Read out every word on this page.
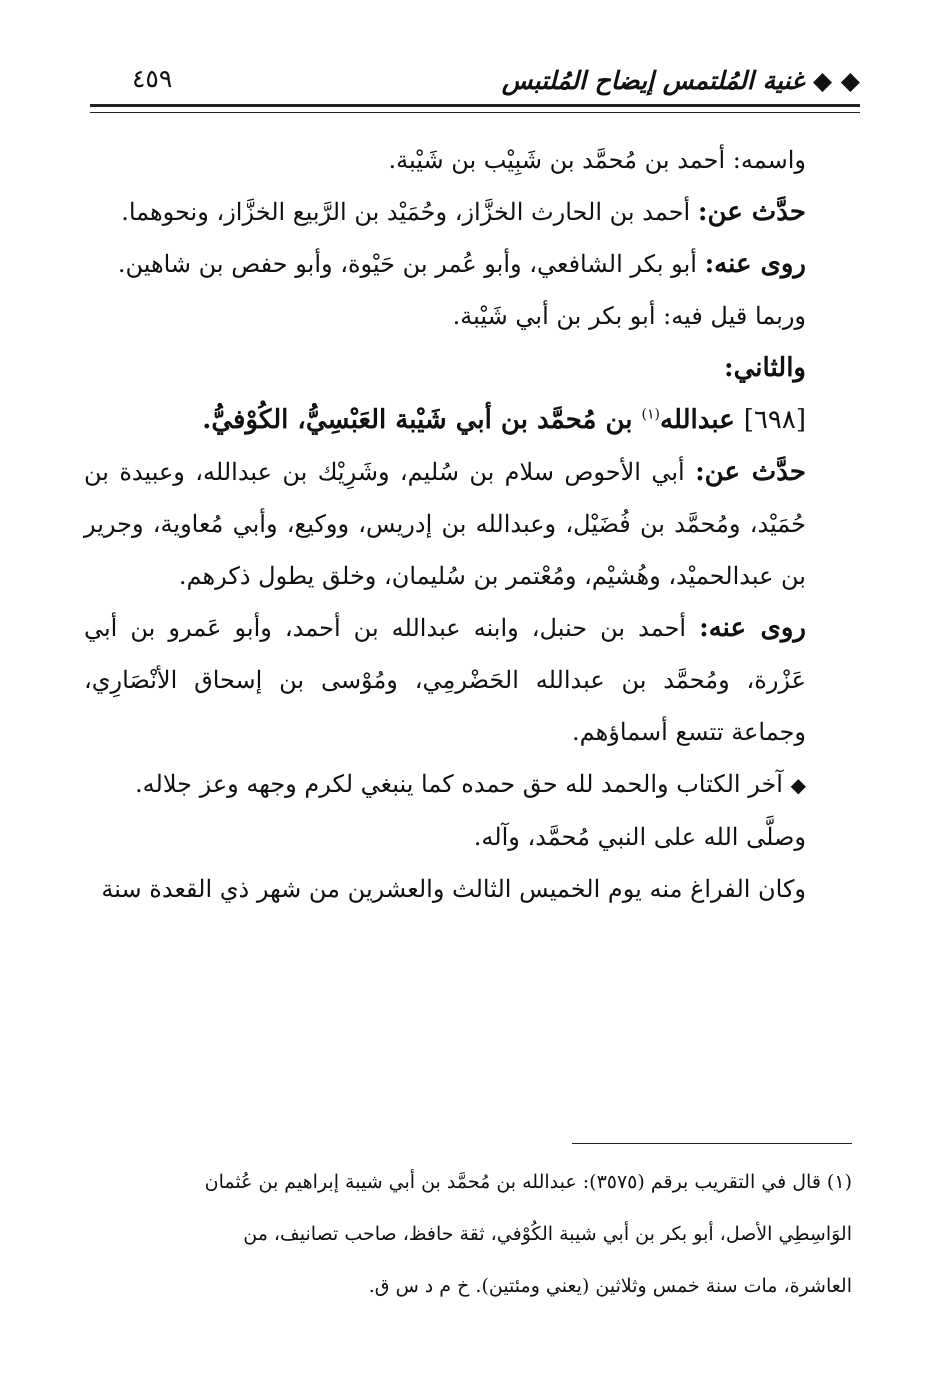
◆ ◆ غنية المُلتمس إيضاح المُلتبس
٤٥٩

واسمه: أحمد بن مُحمَّد بن شَبِيْب بن شَيْبة.

حدَّث عن: أحمد بن الحارث الخزَّاز، وحُمَيْد بن الرَّبيع الخزَّاز، ونحوهما.

روى عنه: أبو بكر الشافعي، وأبو عُمر بن حَيْوة، وأبو حفص بن شاهين.

وربما قيل فيه: أبو بكر بن أبي شَيْبة.

والثاني:

[٦٩٨] عبدالله$^{(١)}$ بن مُحمَّد بن أبي شَيْبة العَبْسِيُّ، الكُوْفيُّ.

حدَّث عن: أبي الأحوص سلام بن سُليم، وشَرِيْك بن عبدالله، وعبيدة بن حُمَيْد، ومُحمَّد بن فُضَيْل، وعبدالله بن إدريس، ووكيع، وأبي مُعاوية، وجرير بن عبدالحميْد، وهُشيْم، ومُعْتمر بن سُليمان، وخلق يطول ذكرهم.

روى عنه: أحمد بن حنبل، وابنه عبدالله بن أحمد، وأبو عَمرو بن أبي عَزْرة، ومُحمَّد بن عبدالله الحَضْرمِي، ومُوْسى بن إسحاق الأنْصَارِي، وجماعة تتسع أسماؤهم.

◆ آخر الكتاب والحمد لله حق حمده كما ينبغي لكرم وجهه وعز جلاله.

وصلَّى الله على النبي مُحمَّد، وآله.

وكان الفراغ منه يوم الخميس الثالث والعشرين من شهر ذي القعدة سنة

(١) قال في التقريب برقم (٣٥٧٥): عبدالله بن مُحمَّد بن أبي شيبة إبراهيم بن عُثمان

الوَاسِطِي الأصل، أبو بكر بن أبي شيبة الكُوْفي، ثقة حافظ، صاحب تصانيف، من

العاشرة، مات سنة خمس وثلاثين (يعني ومئتين). خ م د س ق.
